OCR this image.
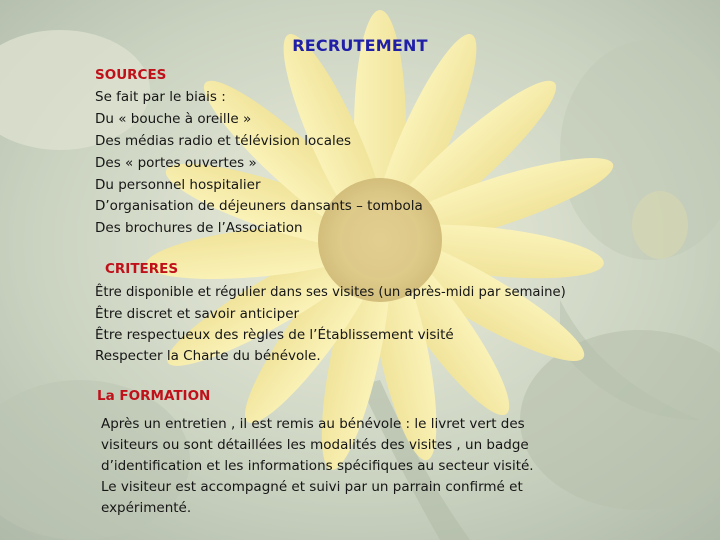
RECRUTEMENT
SOURCES
Se fait par le biais :
Du « bouche à oreille »
Des médias radio et télévision locales
Des « portes ouvertes »
Du personnel hospitalier
D’organisation de déjeuners dansants – tombola
Des brochures de l’Association
CRITERES
Être disponible et régulier dans ses visites (un après-midi par semaine)
Être discret et savoir anticiper
Être respectueux des règles de l’Établissement visité
Respecter la Charte du bénévole.
La FORMATION
Après un entretien , il est remis au bénévole : le livret vert des
visiteurs ou sont détaillées les modalités des visites , un badge
d’identification et les informations spécifiques au secteur visité.
Le visiteur est accompagné et suivi par un parrain confirmé et
expérimenté.
